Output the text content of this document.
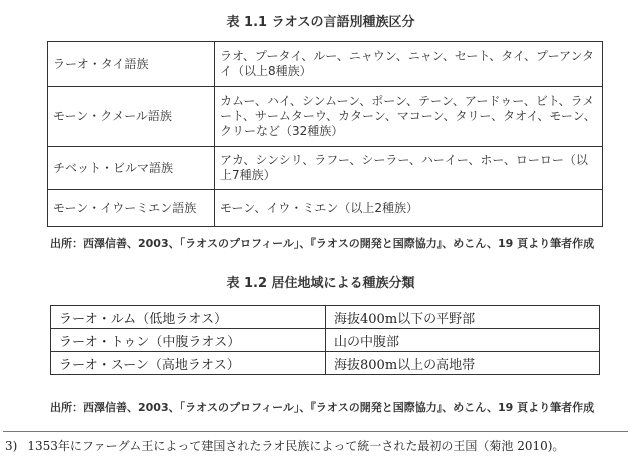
表 1.1 ラオスの言語別種族区分
ラーオ・タイ語族	ラオ、プータイ、ルー、ニャウン、ニャン、セート、タイ、プーアンタイ（以上8種族）
モーン・クメール語族	カムー、ハイ、シンムーン、ポーン、テーン、アードゥー、ビト、ラメート、サームターウ、カターン、マコーン、タリー、タオイ、モーン、クリーなど（32種族）
チベット・ビルマ語族	アカ、シンシリ、ラフー、シーラー、ハーイー、ホー、ローロー（以上7種族）
モーン・イウーミエン語族	モーン、イウ・ミエン（以上2種族）
出所：西澤信善、2003、「ラオスのプロフィール」、『ラオスの開発と国際協力』、めこん、19 頁より筆者作成
表 1.2 居住地域による種族分類
ラーオ・ルム（低地ラオス）	海抜400m以下の平野部
ラーオ・トゥン（中腹ラオス）	山の中腹部
ラーオ・スーン（高地ラオス）	海抜800m以上の高地帯
出所：西澤信善、2003、「ラオスのプロフィール」、『ラオスの開発と国際協力』、めこん、19 頁より筆者作成
3) 1353年にファーグム王によって建国されたラオ民族によって統一された最初の王国（菊池 2010)。
